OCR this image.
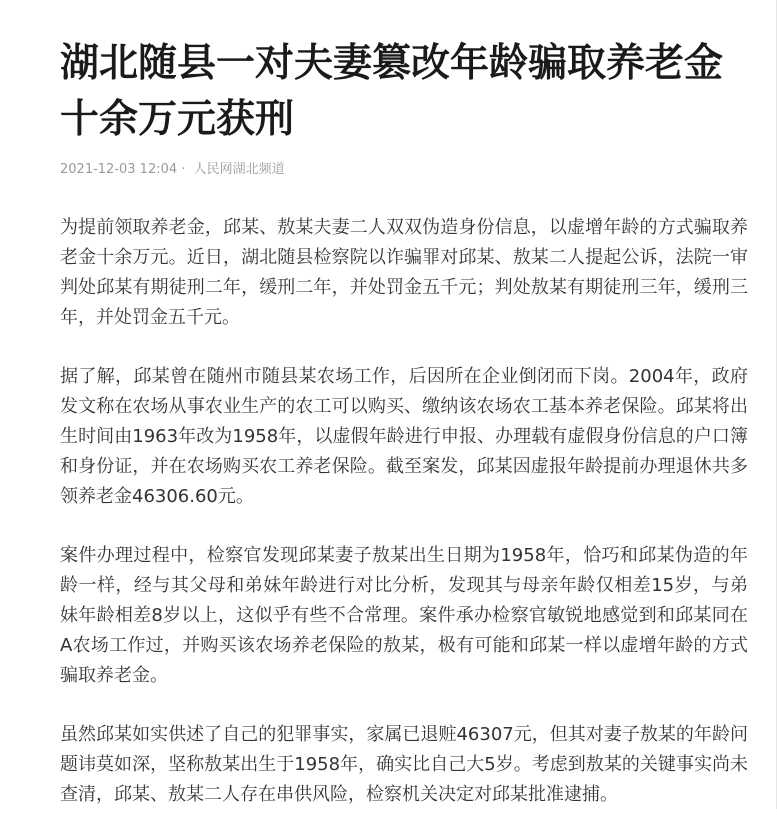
湖北随县一对夫妻篡改年龄骗取养老金十余万元获刑
2021-12-03 12:04 · 人民网湖北频道

为提前领取养老金，邱某、敖某夫妻二人双双伪造身份信息，以虚增年龄的方式骗取养老金十余万元。近日，湖北随县检察院以诈骗罪对邱某、敖某二人提起公诉，法院一审判处邱某有期徒刑二年，缓刑二年，并处罚金五千元；判处敖某有期徒刑三年，缓刑三年，并处罚金五千元。

据了解，邱某曾在随州市随县某农场工作，后因所在企业倒闭而下岗。2004年，政府发文称在农场从事农业生产的农工可以购买、缴纳该农场农工基本养老保险。邱某将出生时间由1963年改为1958年，以虚假年龄进行申报、办理载有虚假身份信息的户口簿和身份证，并在农场购买农工养老保险。截至案发，邱某因虚报年龄提前办理退休共多领养老金46306.60元。

案件办理过程中，检察官发现邱某妻子敖某出生日期为1958年，恰巧和邱某伪造的年龄一样，经与其父母和弟妹年龄进行对比分析，发现其与母亲年龄仅相差15岁，与弟妹年龄相差8岁以上，这似乎有些不合常理。案件承办检察官敏锐地感觉到和邱某同在A农场工作过，并购买该农场养老保险的敖某，极有可能和邱某一样以虚增年龄的方式骗取养老金。

虽然邱某如实供述了自己的犯罪事实，家属已退赃46307元，但其对妻子敖某的年龄问题讳莫如深，坚称敖某出生于1958年，确实比自己大5岁。考虑到敖某的关键事实尚未查清，邱某、敖某二人存在串供风险，检察机关决定对邱某批准逮捕。
